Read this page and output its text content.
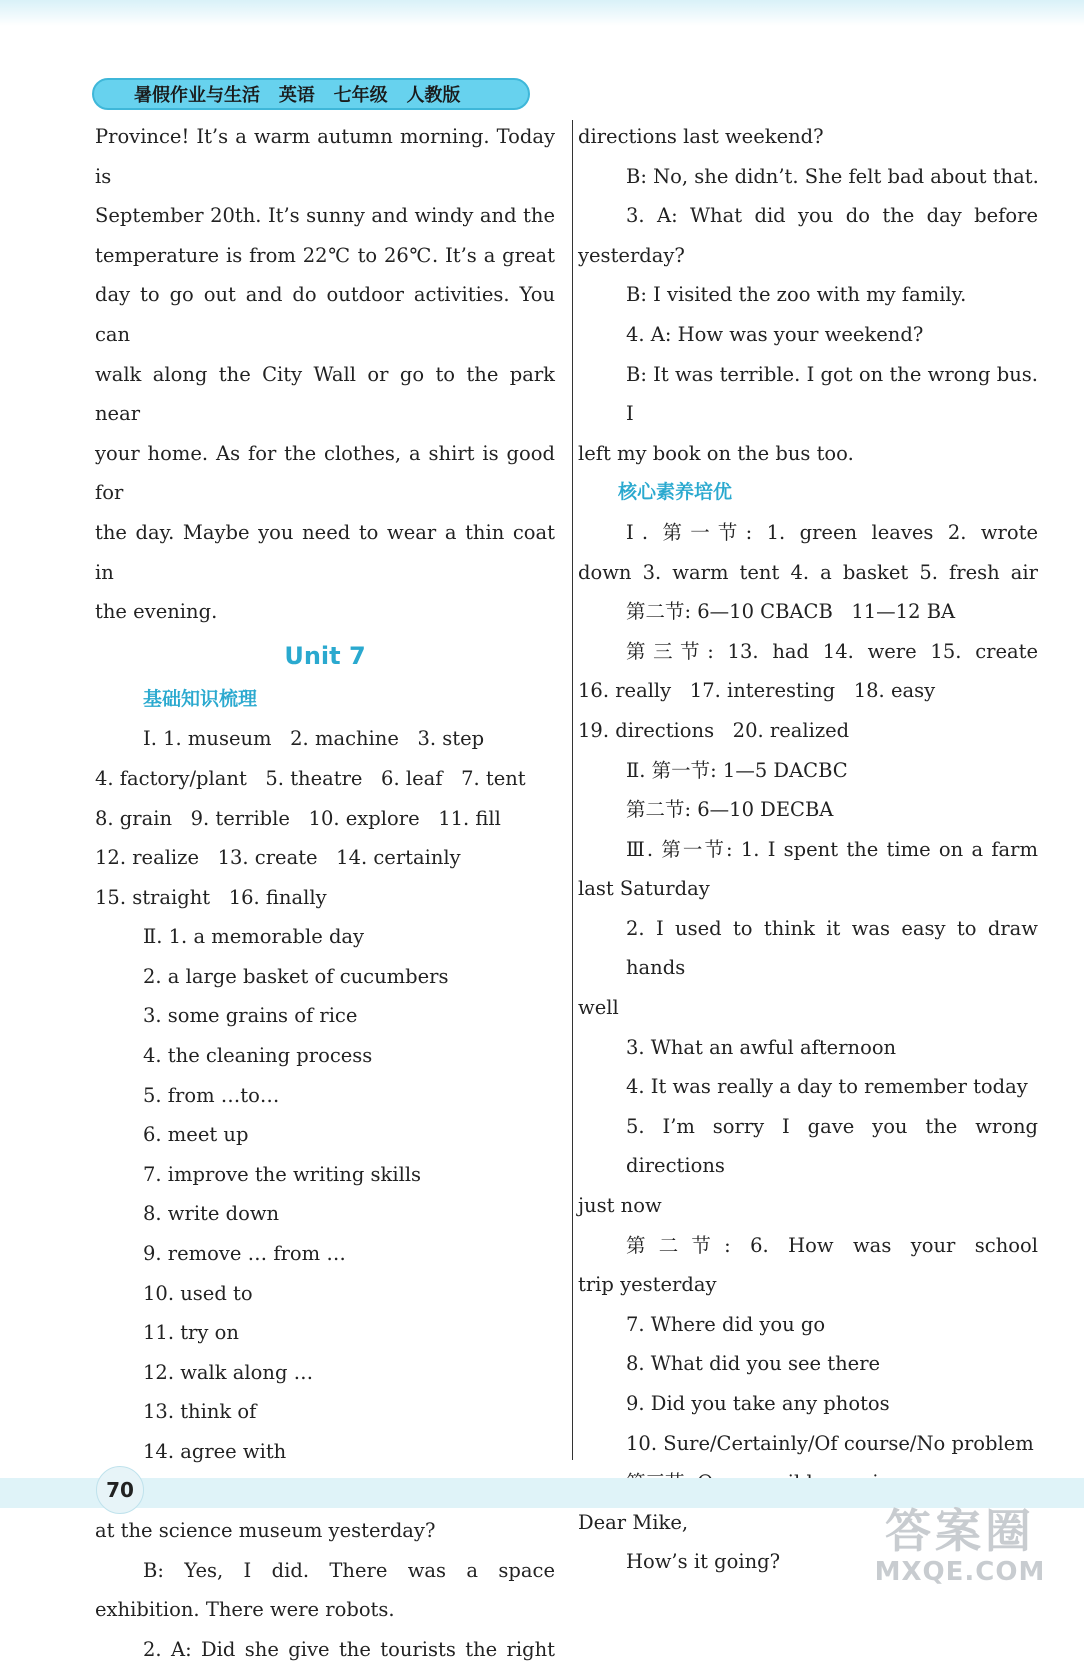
暑假作业与生活
英语
七年级
人教版

Province! It’s a warm autumn morning. Today is

September 20th. It’s sunny and windy and the

temperature is from 22℃ to 26℃. It’s a great

day to go out and do outdoor activities. You can

walk along the City Wall or go to the park near

your home. As for the clothes, a shirt is good for

the day. Maybe you need to wear a thin coat in

the evening.

Unit 7
基础知识梳理

Ⅰ. 1. museum   2. machine   3. step

4. factory/plant   5. theatre   6. leaf   7. tent

8. grain   9. terrible   10. explore   11. fill

12. realize   13. create   14. certainly

15. straight   16. finally

Ⅱ. 1. a memorable day

2. a large basket of cucumbers

3. some grains of rice

4. the cleaning process

5. from …to…

6. meet up

7. improve the writing skills

8. write down

9. remove … from …

10. used to

11. try on

12. walk along …

13. think of

14. agree with

at the science museum yesterday?

B: Yes, I did. There was a space

exhibition. There were robots.

2. A: Did she give the tourists the right

directions last weekend?

B: No, she didn’t. She felt bad about that.

3. A: What did you do the day before

yesterday?

B: I visited the zoo with my family.

4. A: How was your weekend?

B: It was terrible. I got on the wrong bus. I

left my book on the bus too.

核心素养培优

Ⅰ. 第一节: 1. green leaves 2. wrote

down 3. warm tent 4. a basket 5. fresh air

第二节: 6—10 CBACB   11—12 BA

第三节: 13. had 14. were 15. create

16. really   17. interesting   18. easy

19. directions   20. realized

Ⅱ. 第一节: 1—5 DACBC

第二节: 6—10 DECBA

Ⅲ. 第一节: 1. I spent the time on a farm

last Saturday

2. I used to think it was easy to draw hands

well

3. What an awful afternoon

4. It was really a day to remember today

5. I’m sorry I gave you the wrong directions

just now

第二节: 6. How was your school

trip yesterday

7. Where did you go

8. What did you see there

9. Did you take any photos

10. Sure/Certainly/Of course/No problem

Dear Mike,

How’s it going?

70
答案圈
MXQE.COM
